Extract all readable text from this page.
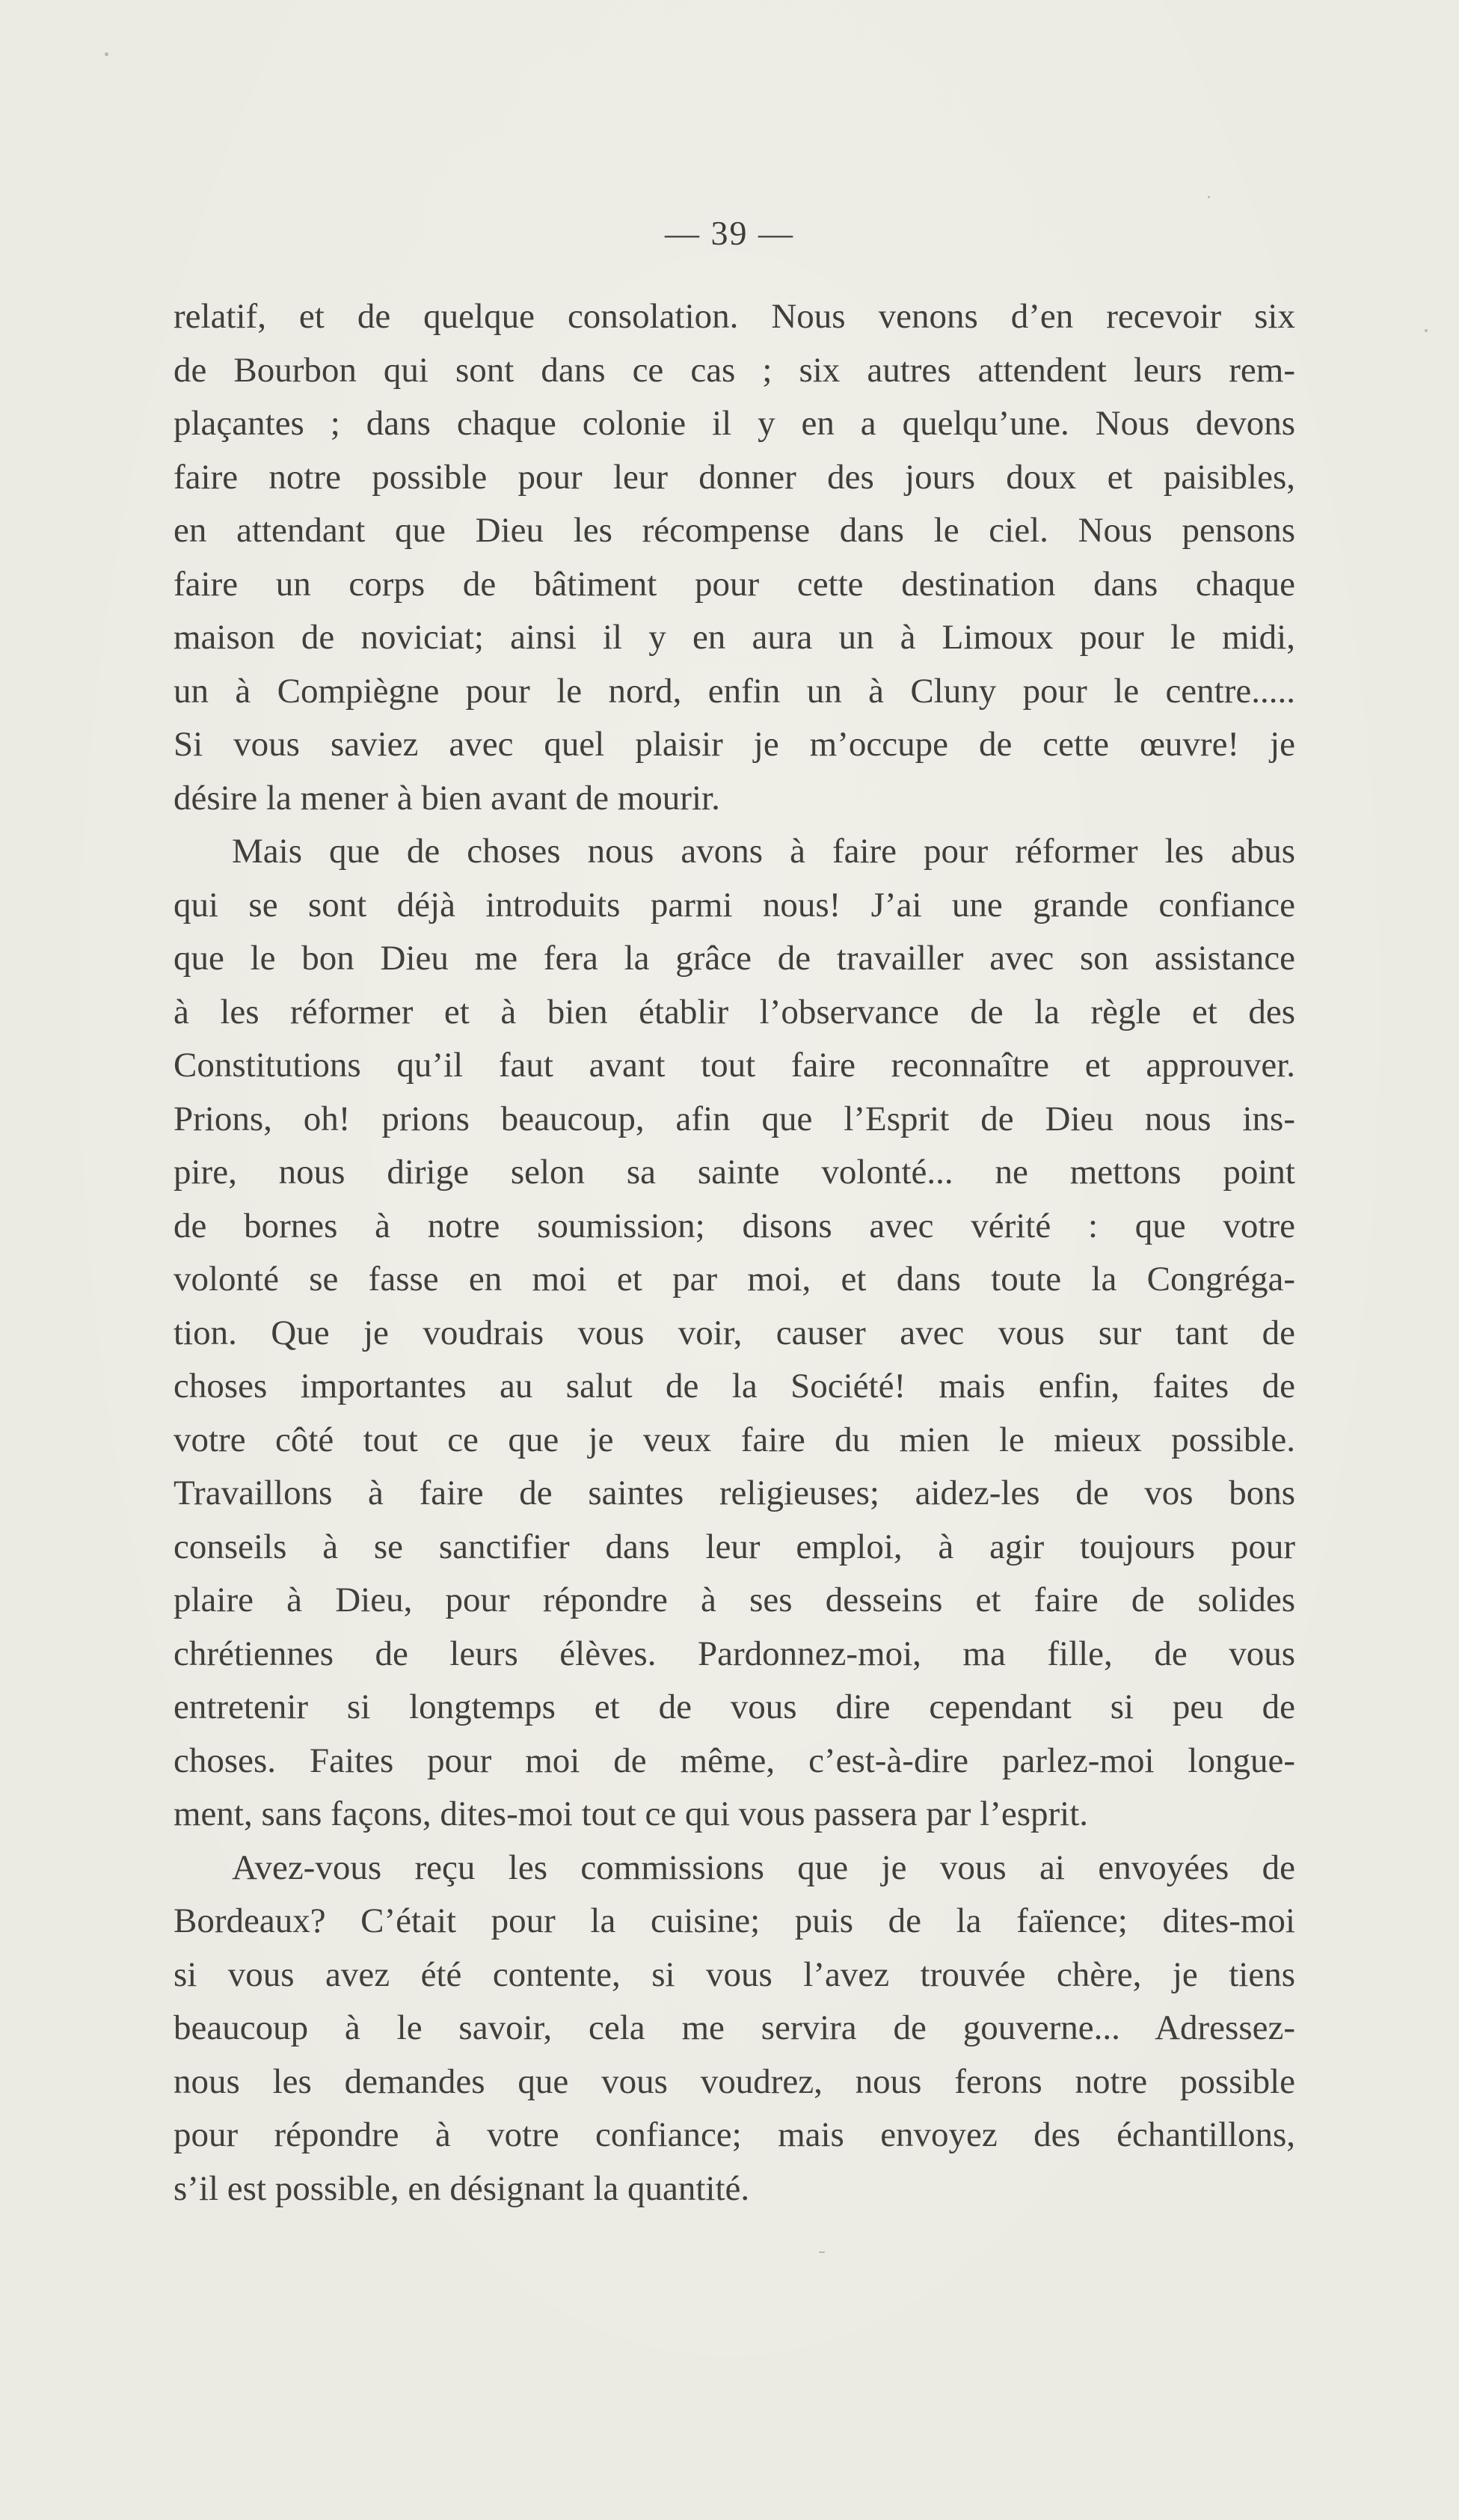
— 39 —
relatif, et de quelque consolation. Nous venons d’en recevoir six
de Bourbon qui sont dans ce cas ; six autres attendent leurs rem-
plaçantes ; dans chaque colonie il y en a quelqu’une. Nous devons
faire notre possible pour leur donner des jours doux et paisibles,
en attendant que Dieu les récompense dans le ciel. Nous pensons
faire un corps de bâtiment pour cette destination dans chaque
maison de noviciat; ainsi il y en aura un à Limoux pour le midi,
un à Compiègne pour le nord, enfin un à Cluny pour le centre.....
Si vous saviez avec quel plaisir je m’occupe de cette œuvre! je
désire la mener à bien avant de mourir.
Mais que de choses nous avons à faire pour réformer les abus
qui se sont déjà introduits parmi nous! J’ai une grande confiance
que le bon Dieu me fera la grâce de travailler avec son assistance
à les réformer et à bien établir l’observance de la règle et des
Constitutions qu’il faut avant tout faire reconnaître et approuver.
Prions, oh! prions beaucoup, afin que l’Esprit de Dieu nous ins-
pire, nous dirige selon sa sainte volonté... ne mettons point
de bornes à notre soumission; disons avec vérité : que votre
volonté se fasse en moi et par moi, et dans toute la Congréga-
tion. Que je voudrais vous voir, causer avec vous sur tant de
choses importantes au salut de la Société! mais enfin, faites de
votre côté tout ce que je veux faire du mien le mieux possible.
Travaillons à faire de saintes religieuses; aidez-les de vos bons
conseils à se sanctifier dans leur emploi, à agir toujours pour
plaire à Dieu, pour répondre à ses desseins et faire de solides
chrétiennes de leurs élèves. Pardonnez-moi, ma fille, de vous
entretenir si longtemps et de vous dire cependant si peu de
choses. Faites pour moi de même, c’est-à-dire parlez-moi longue-
ment, sans façons, dites-moi tout ce qui vous passera par l’esprit.
Avez-vous reçu les commissions que je vous ai envoyées de
Bordeaux? C’était pour la cuisine; puis de la faïence; dites-moi
si vous avez été contente, si vous l’avez trouvée chère, je tiens
beaucoup à le savoir, cela me servira de gouverne... Adressez-
nous les demandes que vous voudrez, nous ferons notre possible
pour répondre à votre confiance; mais envoyez des échantillons,
s’il est possible, en désignant la quantité.
